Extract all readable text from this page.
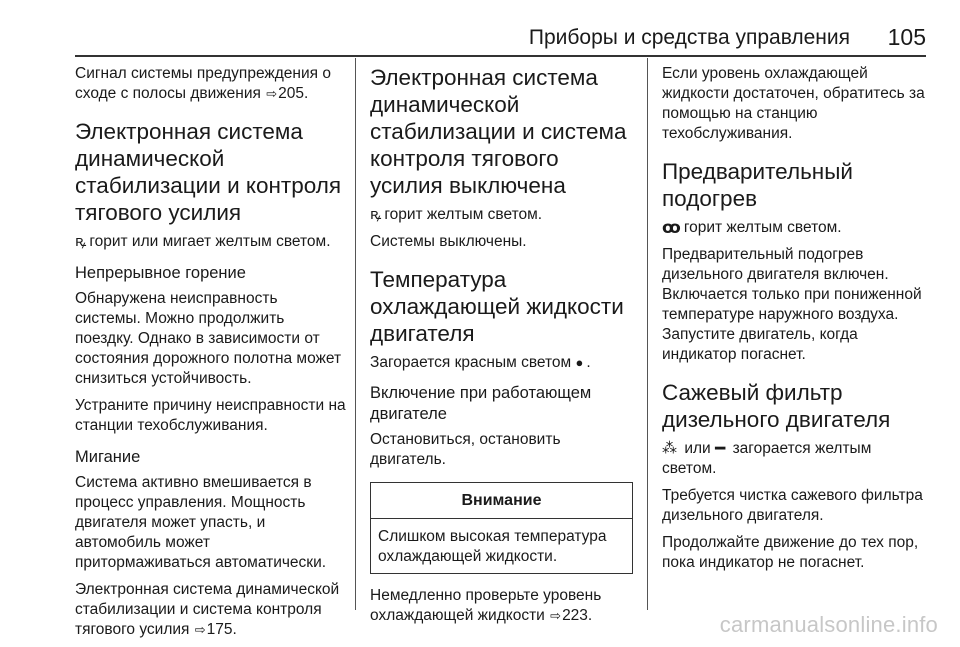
Приборы и средства управления 105

Сигнал системы предупреждения о сходе с полосы движения ⇨205.

Электронная система динамической стабилизации и контроля тягового усилия

ꝶ горит или мигает желтым светом.

Непрерывное горение

Обнаружена неисправность системы. Можно продолжить поездку. Однако в зависимости от состояния дорожного полотна может снизиться устойчивость.

Устраните причину неисправности на станции техобслуживания.

Мигание

Система активно вмешивается в процесс управления. Мощность двигателя может упасть, и автомобиль может притормаживаться автоматически.

Электронная система динамической стабилизации и система контроля тягового усилия ⇨175.

Электронная система динамической стабилизации и система контроля тягового усилия выключена

ꝶ горит желтым светом.

Системы выключены.

Температура охлаждающей жидкости двигателя

Загорается красным светом ● .

Включение при работающем двигателе

Остановиться, остановить двигатель.

Внимание
Слишком высокая температура охлаждающей жидкости.

Немедленно проверьте уровень охлаждающей жидкости ⇨223.

Если уровень охлаждающей жидкости достаточен, обратитесь за помощью на станцию техобслуживания.

Предварительный подогрев

ꝏ горит желтым светом.

Предварительный подогрев дизельного двигателя включен. Включается только при пониженной температуре наружного воздуха. Запустите двигатель, когда индикатор погаснет.

Сажевый фильтр дизельного двигателя

⁂ или ━ загорается желтым светом.

Требуется чистка сажевого фильтра дизельного двигателя.

Продолжайте движение до тех пор, пока индикатор не погаснет.

carmanualsonline.info
